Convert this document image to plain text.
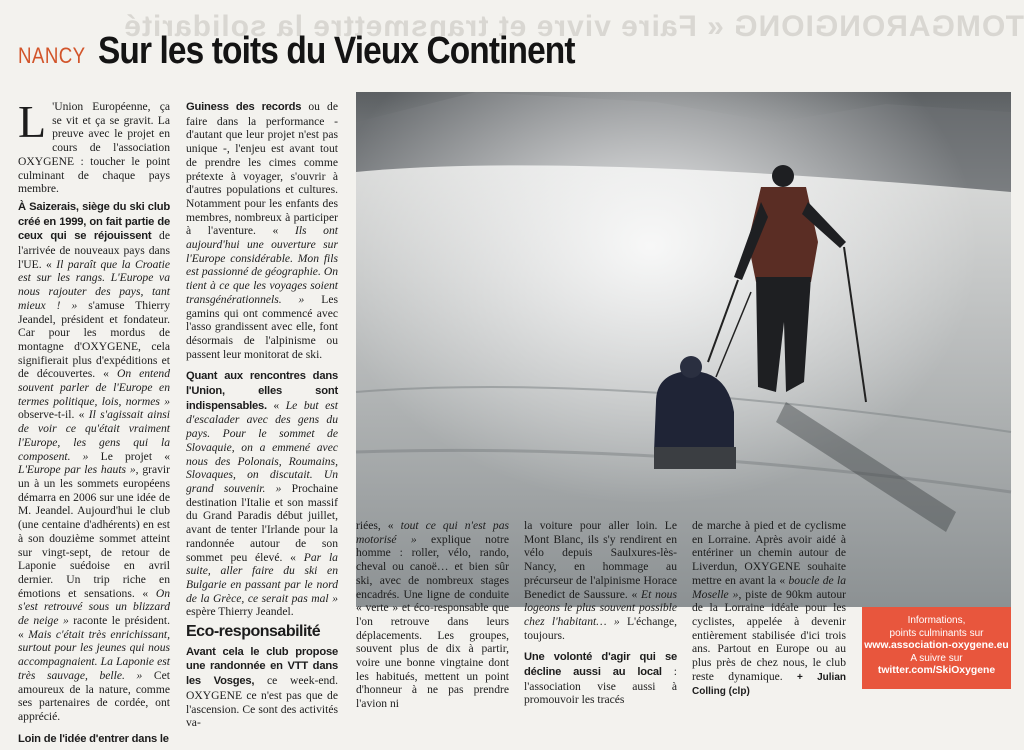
TOMGARONGIONG « Faire vivre et transmettre la solidarité
NANCY Sur les toits du Vieux Continent

L 'Union Européenne, ça se vit et ça se gravit. La preuve avec le projet en cours de l'association OXYGENE : toucher le point culminant de chaque pays membre.

À Saizerais, siège du ski club créé en 1999, on fait partie de ceux qui se réjouissent de l'arrivée de nouveaux pays dans l'UE. « Il paraît que la Croatie est sur les rangs. L'Europe va nous rajouter des pays, tant mieux ! » s'amuse Thierry Jeandel, président et fondateur. Car pour les mordus de montagne d'OXYGENE, cela signifierait plus d'expéditions et de découvertes. « On entend souvent parler de l'Europe en termes politique, lois, normes » observe-t-il. « Il s'agissait ainsi de voir ce qu'était vraiment l'Europe, les gens qui la composent. » Le projet « L'Europe par les hauts », gravir un à un les sommets européens démarra en 2006 sur une idée de M. Jeandel. Aujourd'hui le club (une centaine d'adhérents) en est à son douzième sommet atteint sur vingt-sept, de retour de Laponie suédoise en avril dernier. Un trip riche en émotions et sensations. « On s'est retrouvé sous un blizzard de neige » raconte le président. « Mais c'était très enrichissant, surtout pour les jeunes qui nous accompagnaient. La Laponie est très sauvage, belle. » Cet amoureux de la nature, comme ses partenaires de cordée, ont apprécié.

Loin de l'idée d'entrer dans le

Guiness des records ou de faire dans la performance - d'autant que leur projet n'est pas unique -, l'enjeu est avant tout de prendre les cimes comme prétexte à voyager, s'ouvrir à d'autres populations et cultures. Notamment pour les enfants des membres, nombreux à participer à l'aventure. « Ils ont aujourd'hui une ouverture sur l'Europe considérable. Mon fils est passionné de géographie. On tient à ce que les voyages soient transgénérationnels. » Les gamins qui ont commencé avec l'asso grandissent avec elle, font désormais de l'alpinisme ou passent leur monitorat de ski.

Quant aux rencontres dans l'Union, elles sont indispensables. « Le but est d'escalader avec des gens du pays. Pour le sommet de Slovaquie, on a emmené avec nous des Polonais, Roumains, Slovaques, on discutait. Un grand souvenir. » Prochaine destination l'Italie et son massif du Grand Paradis début juillet, avant de tenter l'Irlande pour la randonnée autour de son sommet peu élevé. « Par la suite, aller faire du ski en Bulgarie en passant par le nord de la Grèce, ce serait pas mal » espère Thierry Jeandel.

Eco-responsabilité

Avant cela le club propose une randonnée en VTT dans les Vosges, ce week-end. OXYGENE ce n'est pas que de l'ascension. Ce sont des activités va-

riées, « tout ce qui n'est pas motorisé » explique notre homme : roller, vélo, rando, cheval ou canoë… et bien sûr ski, avec de nombreux stages encadrés. Une ligne de conduite « verte » et éco-responsable que l'on retrouve dans leurs déplacements. Les groupes, souvent plus de dix à partir, voire une bonne vingtaine dont les habitués, mettent un point d'honneur à ne pas prendre l'avion ni

la voiture pour aller loin. Le Mont Blanc, ils s'y rendirent en vélo depuis Saulxures-lès-Nancy, en hommage au précurseur de l'alpinisme Horace Benedict de Saussure. « Et nous logeons le plus souvent possible chez l'habitant… » L'échange, toujours.

Une volonté d'agir qui se décline aussi au local : l'association vise aussi à promouvoir les tracés

de marche à pied et de cyclisme en Lorraine. Après avoir aidé à entériner un chemin autour de Liverdun, OXYGENE souhaite mettre en avant la « boucle de la Moselle », piste de 90km autour de la Lorraine idéale pour les cyclistes, appelée à devenir entièrement stabilisée d'ici trois ans. Partout en Europe ou au plus près de chez nous, le club reste dynamique. + Julian Colling (clp)

Informations,
points culminants sur
www.association-oxygene.eu
A suivre sur
twitter.com/SkiOxygene
